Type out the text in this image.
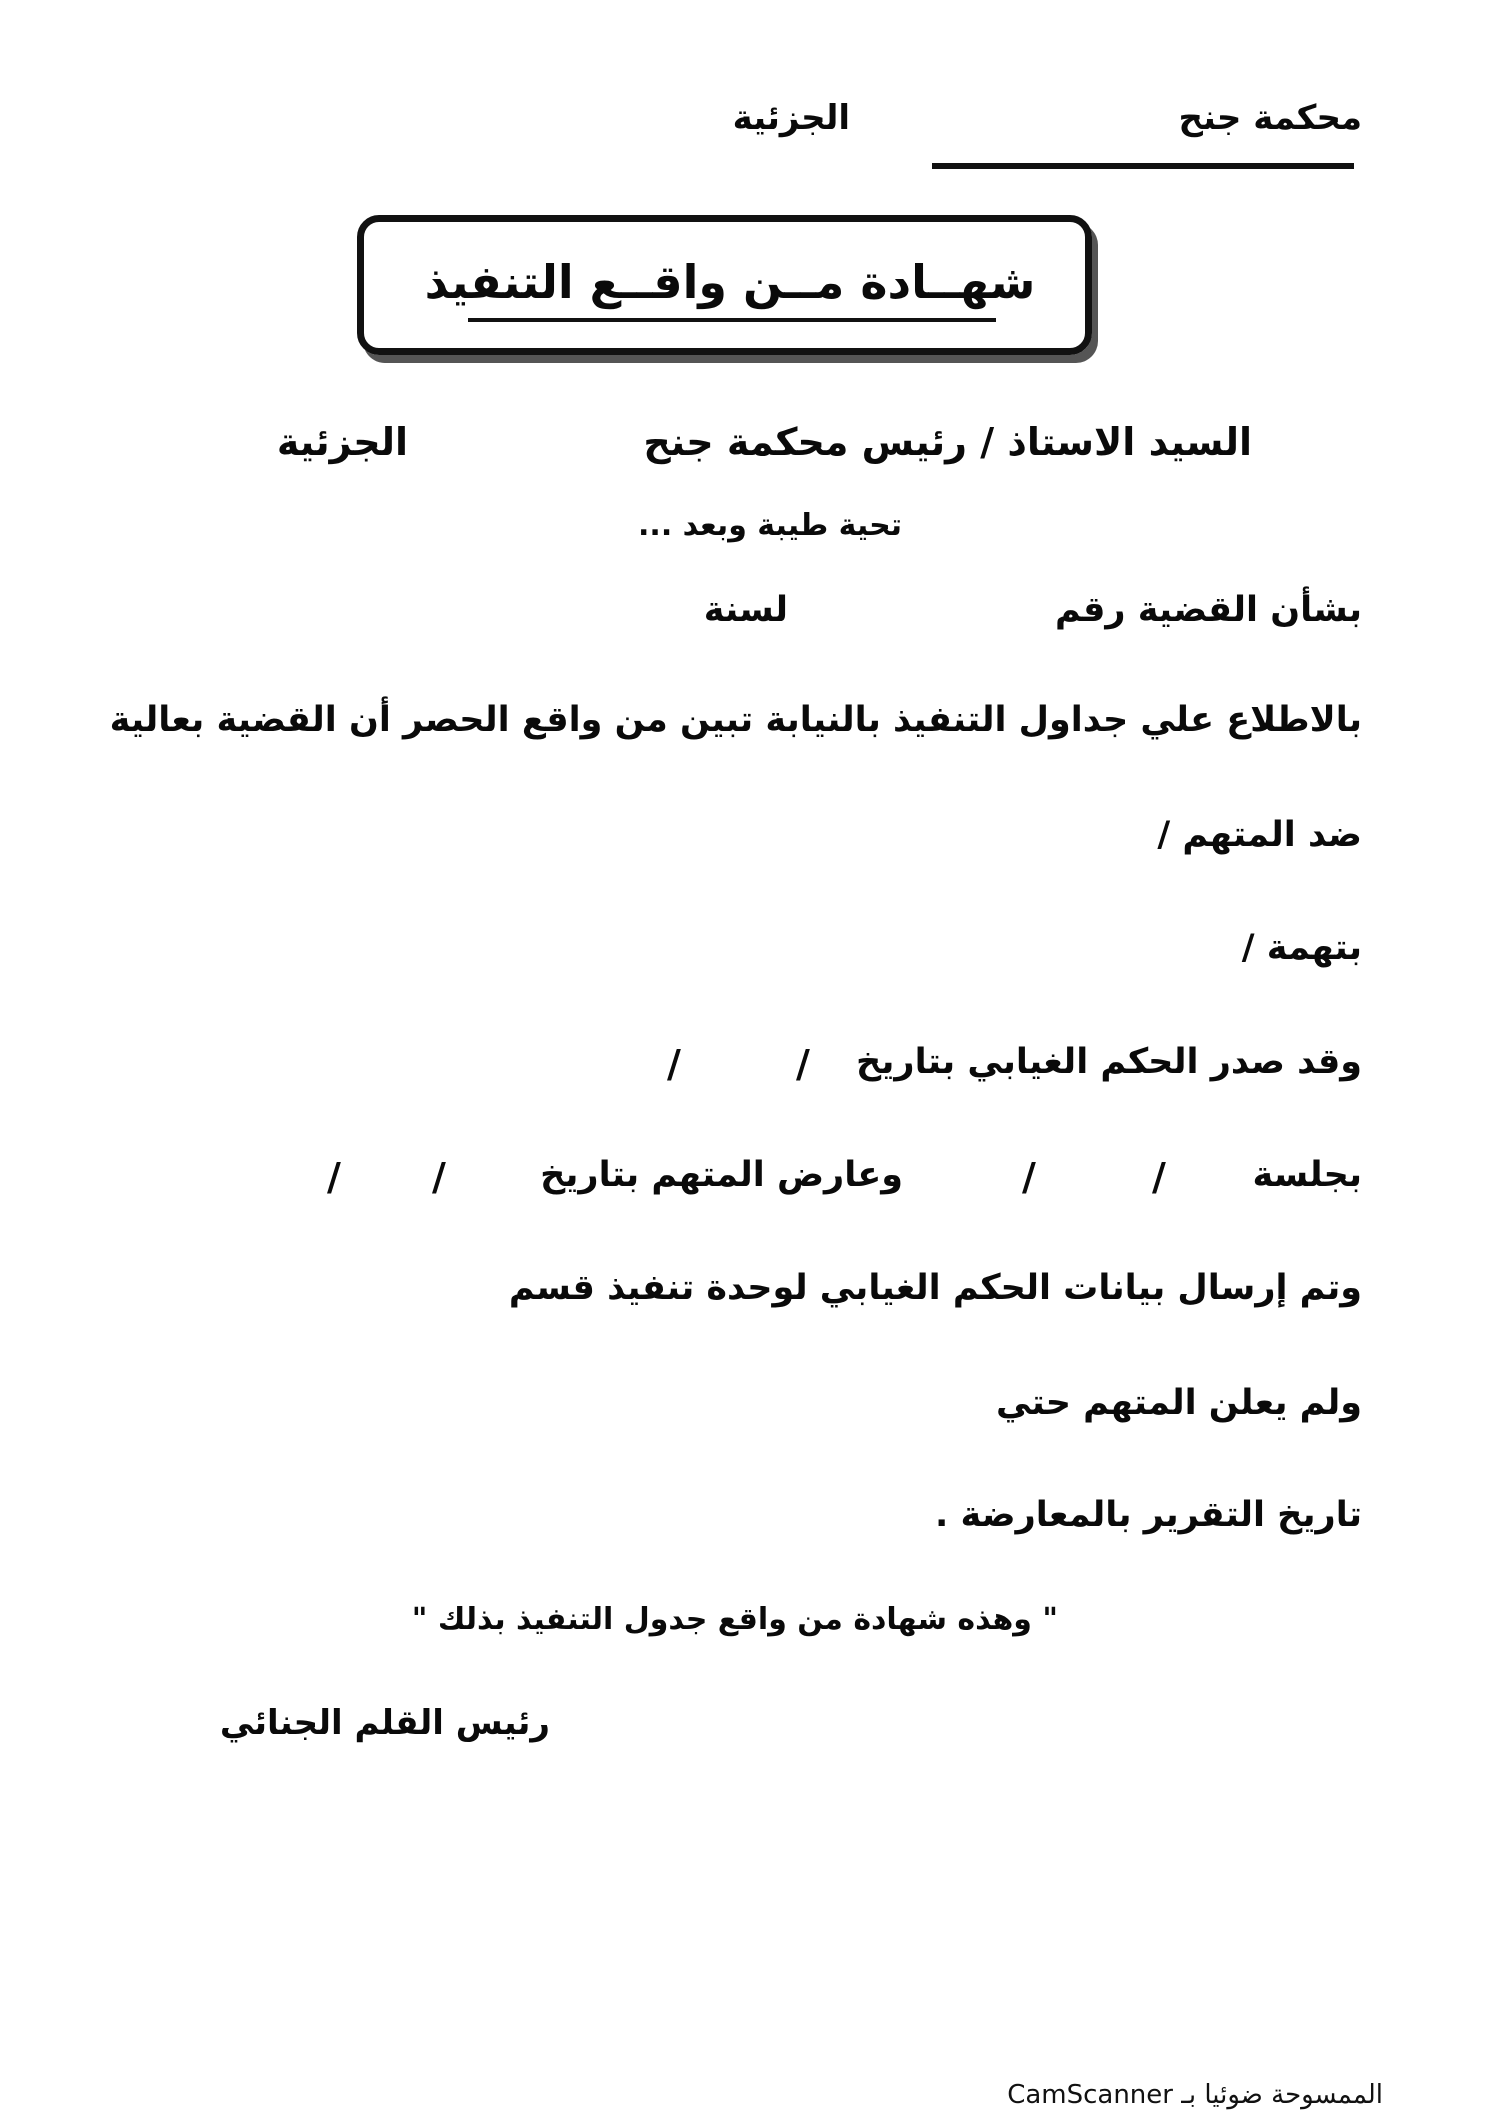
محكمة جنح
الجزئية
شهــادة مــن واقــع التنفيذ
السيد الاستاذ / رئيس محكمة جنح
الجزئية
تحية طيبة وبعد ...
بشأن القضية رقم
لسنة
بالاطلاع علي جداول التنفيذ بالنيابة تبين من واقع الحصر أن القضية بعالية
ضد المتهم /
بتهمة /
وقد صدر الحكم الغيابي بتاريخ
/
/
بجلسة
/
/
وعارض المتهم بتاريخ
/
/
وتم إرسال بيانات الحكم الغيابي لوحدة تنفيذ قسم
ولم يعلن المتهم حتي
تاريخ التقرير بالمعارضة .
" وهذه شهادة من واقع جدول التنفيذ بذلك "
رئيس القلم الجنائي
الممسوحة ضوئيا بـ CamScanner
